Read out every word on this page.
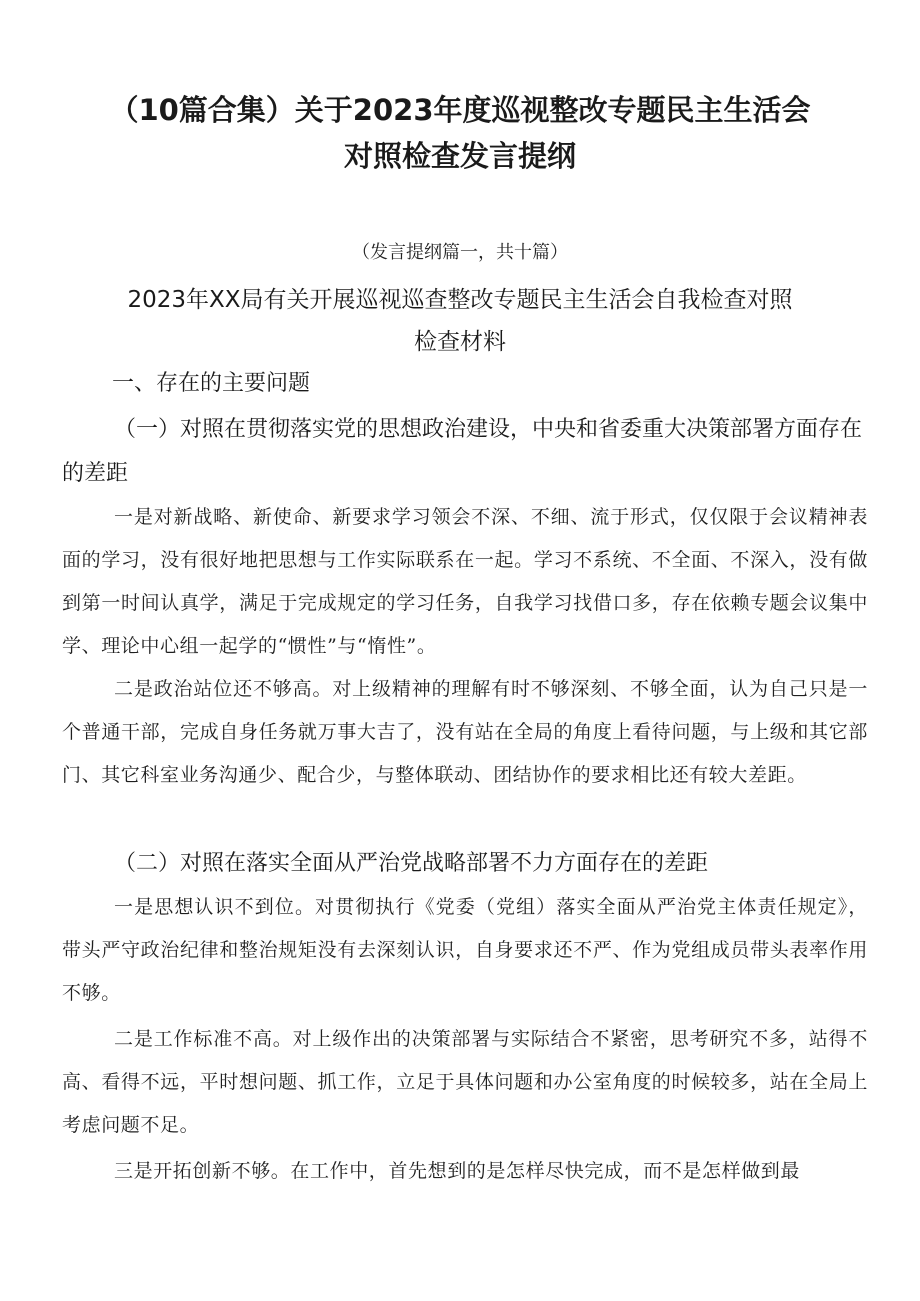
（10篇合集）关于2023年度巡视整改专题民主生活会
对照检查发言提纲
（发言提纲篇一，共十篇）
2023年XX局有关开展巡视巡查整改专题民主生活会自我检查对照
检查材料
一、存在的主要问题
（一）对照在贯彻落实党的思想政治建设，中央和省委重大决策部署方面存在的差距

一是对新战略、新使命、新要求学习领会不深、不细、流于形式，仅仅限于会议精神表面的学习，没有很好地把思想与工作实际联系在一起。学习不系统、不全面、不深入，没有做到第一时间认真学，满足于完成规定的学习任务，自我学习找借口多，存在依赖专题会议集中学、理论中心组一起学的“惯性”与“惰性”。

二是政治站位还不够高。对上级精神的理解有时不够深刻、不够全面，认为自己只是一个普通干部，完成自身任务就万事大吉了，没有站在全局的角度上看待问题，与上级和其它部门、其它科室业务沟通少、配合少，与整体联动、团结协作的要求相比还有较大差距。

（二）对照在落实全面从严治党战略部署不力方面存在的差距

一是思想认识不到位。对贯彻执行《党委（党组）落实全面从严治党主体责任规定》，带头严守政治纪律和整治规矩没有去深刻认识，自身要求还不严、作为党组成员带头表率作用不够。

二是工作标准不高。对上级作出的决策部署与实际结合不紧密，思考研究不多，站得不高、看得不远，平时想问题、抓工作，立足于具体问题和办公室角度的时候较多，站在全局上考虑问题不足。

三是开拓创新不够。在工作中，首先想到的是怎样尽快完成，而不是怎样做到最
